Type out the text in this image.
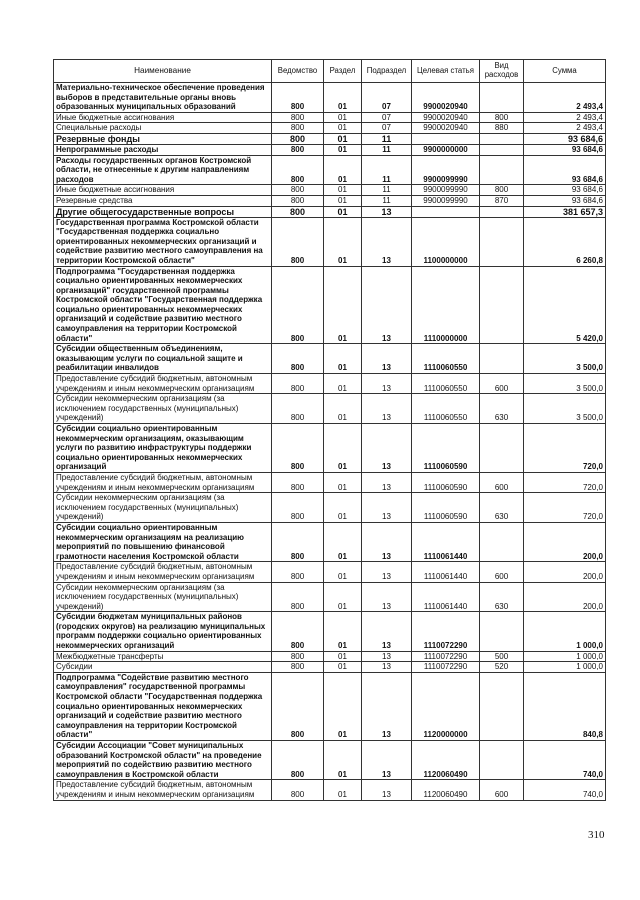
Наименование	Ведомство	Раздел	Подраздел	Целевая статья	Вид расходов	Сумма
Материально-техническое обеспечение проведения выборов в представительные органы вновь образованных муниципальных образований	800	01	07	9900020940		2 493,4
Иные бюджетные ассигнования	800	01	07	9900020940	800	2 493,4
Специальные расходы	800	01	07	9900020940	880	2 493,4
Резервные фонды	800	01	11			93 684,6
Непрограммные расходы	800	01	11	9900000000		93 684,6
Расходы государственных органов Костромской области, не отнесенные к другим направлениям расходов	800	01	11	9900099990		93 684,6
Иные бюджетные ассигнования	800	01	11	9900099990	800	93 684,6
Резервные средства	800	01	11	9900099990	870	93 684,6
Другие общегосударственные вопросы	800	01	13			381 657,3
Государственная программа Костромской области "Государственная поддержка социально ориентированных некоммерческих организаций и содействие развитию местного самоуправления на территории Костромской области"	800	01	13	1100000000		6 260,8
Подпрограмма "Государственная поддержка социально ориентированных некоммерческих организаций" государственной программы Костромской области "Государственная поддержка социально ориентированных некоммерческих организаций и содействие развитию местного самоуправления на территории Костромской области"	800	01	13	1110000000		5 420,0
Субсидии общественным объединениям, оказывающим услуги по социальной защите и реабилитации инвалидов	800	01	13	1110060550		3 500,0
Предоставление субсидий бюджетным, автономным учреждениям и иным некоммерческим организациям	800	01	13	1110060550	600	3 500,0
Субсидии некоммерческим организациям (за исключением государственных (муниципальных) учреждений)	800	01	13	1110060550	630	3 500,0
Субсидии социально ориентированным некоммерческим организациям, оказывающим услуги по развитию инфраструктуры поддержки социально ориентированных некоммерческих организаций	800	01	13	1110060590		720,0
Предоставление субсидий бюджетным, автономным учреждениям и иным некоммерческим организациям	800	01	13	1110060590	600	720,0
Субсидии некоммерческим организациям (за исключением государственных (муниципальных) учреждений)	800	01	13	1110060590	630	720,0
Субсидии социально ориентированным некоммерческим организациям на реализацию мероприятий по повышению финансовой грамотности населения Костромской области	800	01	13	1110061440		200,0
Предоставление субсидий бюджетным, автономным учреждениям и иным некоммерческим организациям	800	01	13	1110061440	600	200,0
Субсидии некоммерческим организациям (за исключением государственных (муниципальных) учреждений)	800	01	13	1110061440	630	200,0
Субсидии бюджетам муниципальных районов (городских округов) на реализацию муниципальных программ поддержки социально ориентированных некоммерческих организаций	800	01	13	1110072290		1 000,0
Межбюджетные трансферты	800	01	13	1110072290	500	1 000,0
Субсидии	800	01	13	1110072290	520	1 000,0
Подпрограмма "Содействие развитию местного самоуправления" государственной программы Костромской области "Государственная поддержка социально ориентированных некоммерческих организаций и содействие развитию местного самоуправления на территории Костромской области"	800	01	13	1120000000		840,8
Субсидии Ассоциации "Совет муниципальных образований Костромской области" на проведение мероприятий по содействию развитию местного самоуправления в Костромской области	800	01	13	1120060490		740,0
Предоставление субсидий бюджетным, автономным учреждениям и иным некоммерческим организациям	800	01	13	1120060490	600	740,0
310
